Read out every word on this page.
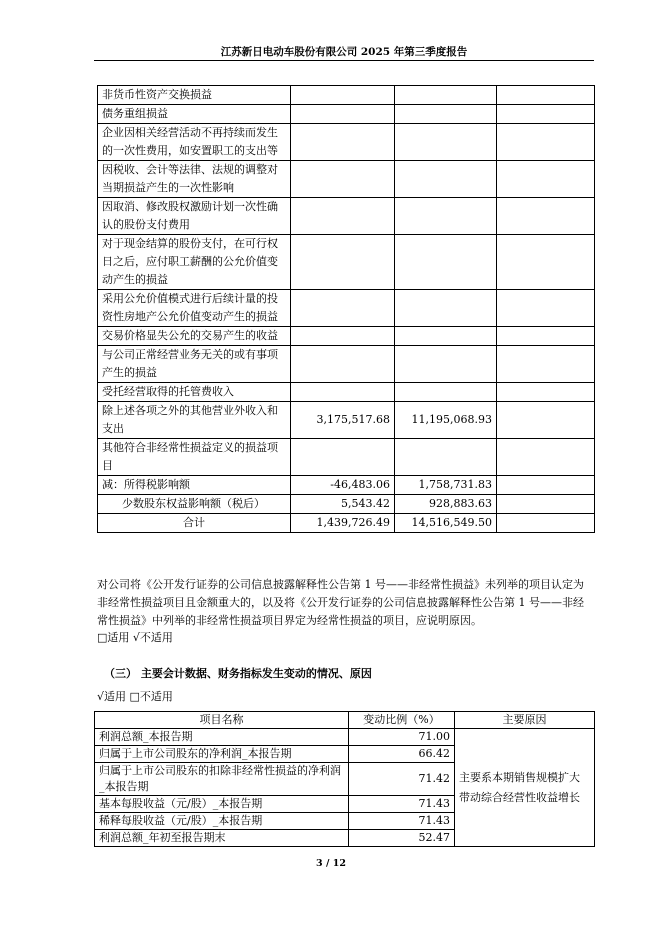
江苏新日电动车股份有限公司 2025 年第三季度报告
非货币性资产交换损益			
债务重组损益			
企业因相关经营活动不再持续而发生的一次性费用，如安置职工的支出等			
因税收、会计等法律、法规的调整对当期损益产生的一次性影响			
因取消、修改股权激励计划一次性确认的股份支付费用			
对于现金结算的股份支付，在可行权日之后，应付职工薪酬的公允价值变动产生的损益			
采用公允价值模式进行后续计量的投资性房地产公允价值变动产生的损益			
交易价格显失公允的交易产生的收益			
与公司正常经营业务无关的或有事项产生的损益			
受托经营取得的托管费收入			
除上述各项之外的其他营业外收入和支出	3,175,517.68	11,195,068.93	
其他符合非经常性损益定义的损益项目			
减：所得税影响额	-46,483.06	1,758,731.83	
少数股东权益影响额（税后）	5,543.42	928,883.63	
合计	1,439,726.49	14,516,549.50	
对公司将《公开发行证券的公司信息披露解释性公告第 1 号——非经常性损益》未列举的项目认定为非经常性损益项目且金额重大的，以及将《公开发行证券的公司信息披露解释性公告第 1 号——非经常性损益》中列举的非经常性损益项目界定为经常性损益的项目，应说明原因。
□适用 √不适用
（三） 主要会计数据、财务指标发生变动的情况、原因
√适用 □不适用
项目名称	变动比例（%）	主要原因
利润总额_本报告期	71.00	主要系本期销售规模扩大带动综合经营性收益增长
归属于上市公司股东的净利润_本报告期	66.42	
归属于上市公司股东的扣除非经常性损益的净利润_本报告期	71.42	
基本每股收益（元/股）_本报告期	71.43	
稀释每股收益（元/股）_本报告期	71.43	
利润总额_年初至报告期末	52.47	
3 / 12
